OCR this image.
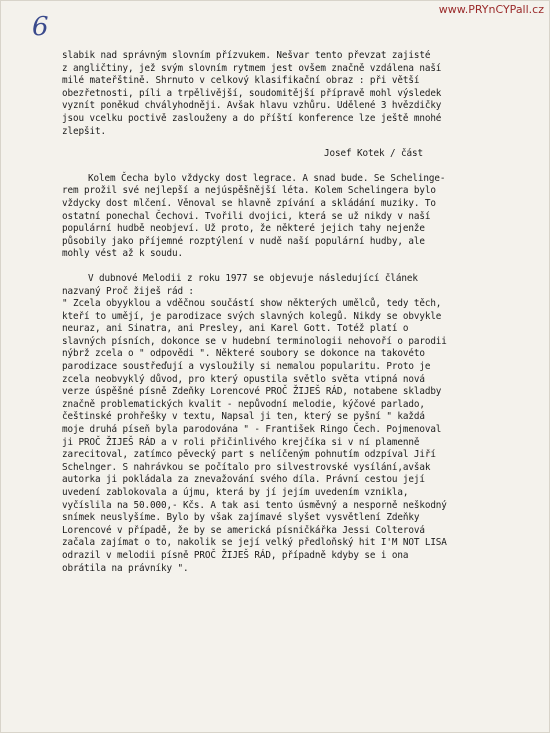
6
www.PRYnCYPall.cz
slabik nad správným slovním přízvukem. Nešvar tento převzat zajisté
z angličtiny, jež svým slovním rytmem jest ovšem značně vzdálena naší
milé mateřštině. Shrnuto v celkový klasifikační obraz : při větší
obezřetnosti, píli a trpělivější, soudomitější přípravě mohl výsledek
vyznít poněkud chvályhodněji. Avšak hlavu vzhůru. Udělené 3 hvězdičky
jsou vcelku poctivě zaslouženy a do příští konference lze ještě mnohé
zlepšit.
Josef Kotek / část
Kolem Čecha bylo vždycky dost legrace. A snad bude. Se Schelinge-
rem prožil své nejlepší a nejúspěšnější léta. Kolem Schelingera bylo
vždycky dost mlčení. Věnoval se hlavně zpívání a skládání muziky. To
ostatní ponechal Čechovi. Tvořili dvojici, která se už nikdy v naší
populární hudbě neobjeví. Už proto, že některé jejich tahy nejenže
působily jako příjemné rozptýlení v nudě naší populární hudby, ale
mohly vést až k soudu.
V dubnové Melodii z roku 1977 se objevuje následující článek
nazvaný Proč žiješ rád :
" Zcela obyyklou a vděčnou součástí show některých umělců, tedy těch,
kteří to umějí, je parodizace svých slavných kolegů. Nikdy se obvykle
neuraz, ani Sinatra, ani Presley, ani Karel Gott. Totéž platí o
slavných písních, dokonce se v hudební terminologii nehovoří o parodii
nýbrž zcela o " odpovědi ". Některé soubory se dokonce na takovéto
parodizace soustřeďují a vysloužily si nemalou popularitu. Proto je
zcela neobvyklý důvod, pro který opustila světlo světa vtipná nová
verze úspěšné písně Zdeňky Lorencové PROČ ŽIJEŠ RÁD, notabene skladby
značně problematických kvalit - nepůvodní melodie, kýčové parlado,
češtinské prohřešky v textu, Napsal ji ten, který se pyšní " každá
moje druhá píseň byla parodována " - František Ringo Čech. Pojmenoval
ji PROČ ŽIJEŠ RÁD a v roli přičinlivého krejčíka si v ní plamenně
zarecitoval, zatímco pěvecký part s nelíčeným pohnutím odzpíval Jiří
Schelnger. S nahrávkou se počítalo pro silvestrovské vysílání,avšak
autorka ji pokládala za znevažování svého díla. Právní cestou její
uvedení zablokovala a újmu, která by jí jejím uvedením vznikla,
vyčíslila na 50.000,- Kčs. A tak asi tento úsměvný a nesporně neškodný
snímek neuslyšíme. Bylo by však zajímavé slyšet vysvětlení Zdeňky
Lorencové v případě, že by se americká písničkářka Jessi Colterová
začala zajímat o to, nakolik se její velký předloňský hit I'M NOT LISA
odrazil v melodii písně PROČ ŽIJEŠ RÁD, případně kdyby se i ona
obrátila na právníky ".
